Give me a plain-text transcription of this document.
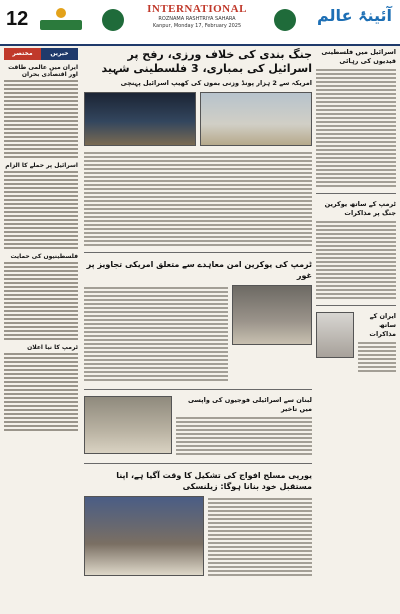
12	INTERNATIONAL
ROZNAMA RASHTRIYA SAHARA
Kanpur, Monday 17, February 2025
آئینۂ عالم
مختصر	خبریں
ایران میں عالمی طاقت اور اقتصادی بحران
اسرائیل پر حملے کا الزام
فلسطینیوں کی حمایت
ٹرمپ کا نیا اعلان
جنگ بندی کی خلاف ورزی، رفح پر اسرائیل کی بمباری، 3 فلسطینی شہید
امریکہ سے 2 ہزار پونڈ وزنی بموں کی کھیپ اسرائیل پہنچی
ٹرمپ کی یوکرین امن معاہدے سے متعلق امریکی تجاویز پر غور
لبنان سے اسرائیلی فوجیوں کی واپسی میں تاخیر
یورپی مسلح افواج کی تشکیل کا وقت آگیا ہے، اپنا مستقبل خود بنانا ہوگا: زیلنسکی
اسرائیل میں فلسطینی قیدیوں کی رہائی
ٹرمپ کے ساتھ یوکرین جنگ پر مذاکرات
ایران کے ساتھ مذاکرات
